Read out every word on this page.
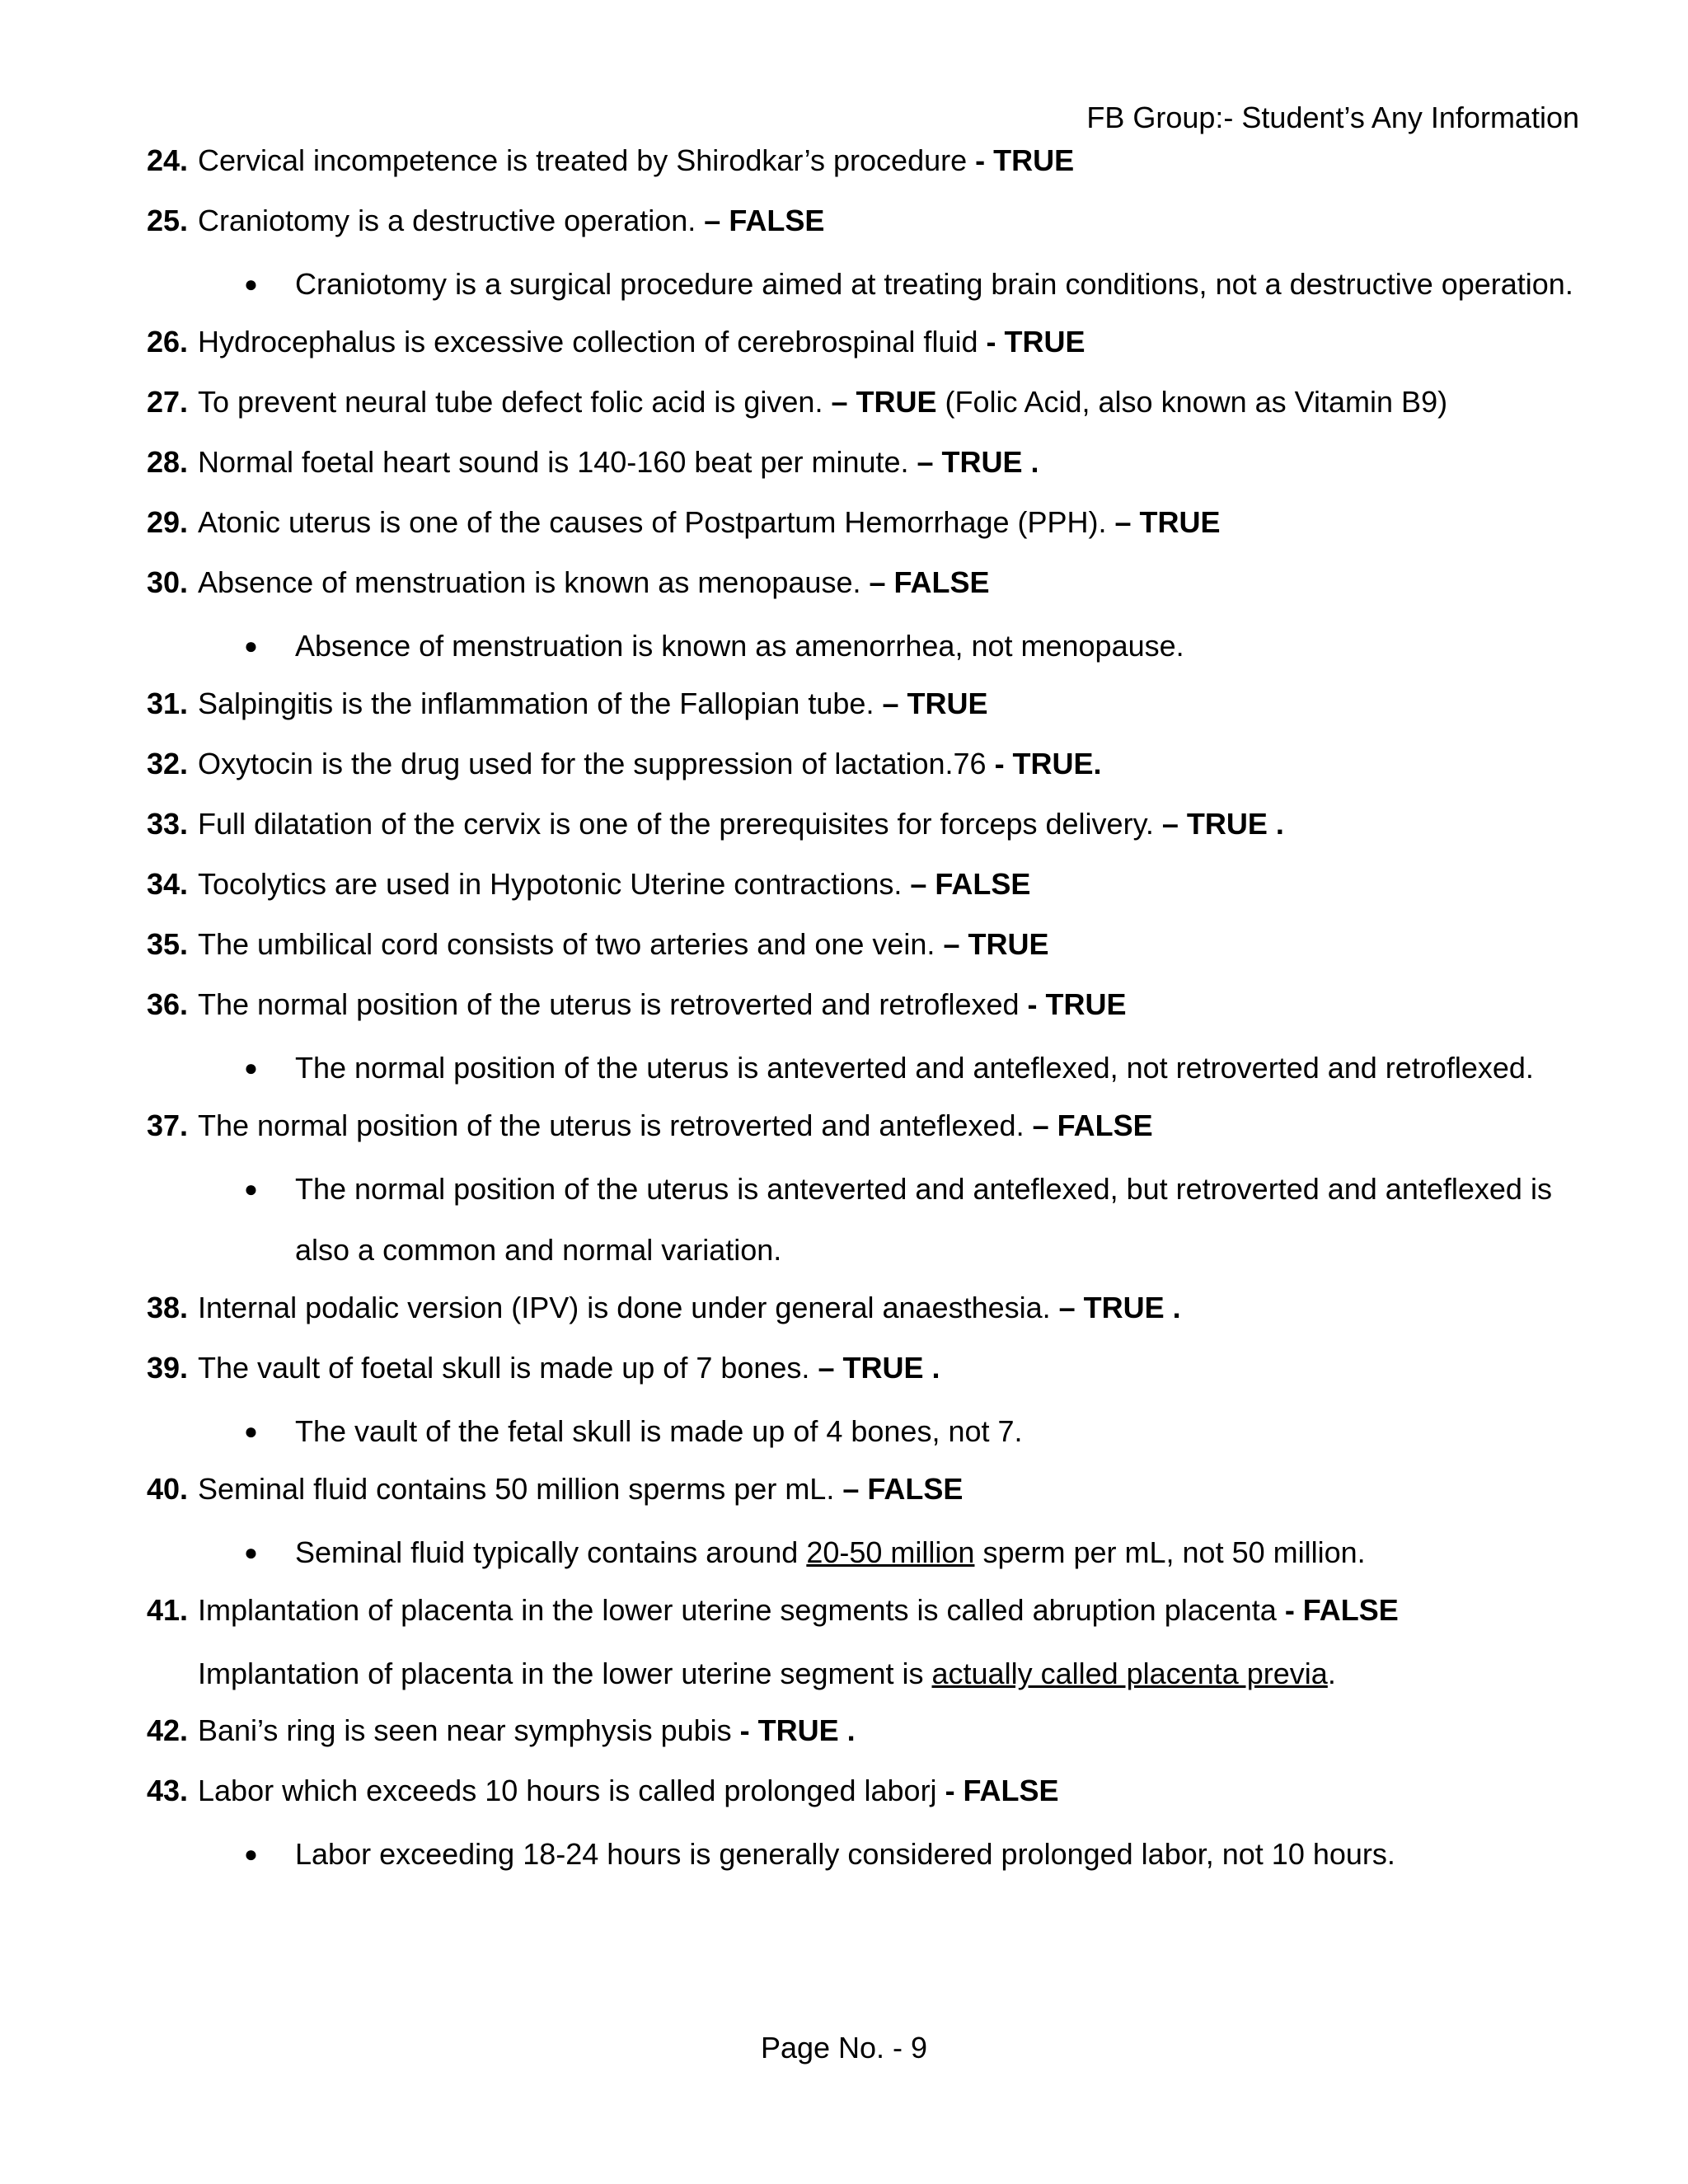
FB Group:- Student’s Any Information
24. Cervical incompetence is treated by Shirodkar’s procedure - TRUE
25. Craniotomy is a destructive operation. – FALSE
● Craniotomy is a surgical procedure aimed at treating brain conditions, not a destructive operation.
26. Hydrocephalus is excessive collection of cerebrospinal fluid - TRUE
27. To prevent neural tube defect folic acid is given. – TRUE (Folic Acid, also known as Vitamin B9)
28. Normal foetal heart sound is 140-160 beat per minute. – TRUE .
29. Atonic uterus is one of the causes of Postpartum Hemorrhage (PPH). – TRUE
30. Absence of menstruation is known as menopause. – FALSE
● Absence of menstruation is known as amenorrhea, not menopause.
31. Salpingitis is the inflammation of the Fallopian tube. – TRUE
32. Oxytocin is the drug used for the suppression of lactation.76 - TRUE.
33. Full dilatation of the cervix is one of the prerequisites for forceps delivery. – TRUE .
34. Tocolytics are used in Hypotonic Uterine contractions. – FALSE
35. The umbilical cord consists of two arteries and one vein. – TRUE
36. The normal position of the uterus is retroverted and retroflexed - TRUE
● The normal position of the uterus is anteverted and anteflexed, not retroverted and retroflexed.
37. The normal position of the uterus is retroverted and anteflexed. – FALSE
● The normal position of the uterus is anteverted and anteflexed, but retroverted and anteflexed is also a common and normal variation.
38. Internal podalic version (IPV) is done under general anaesthesia. – TRUE .
39. The vault of foetal skull is made up of 7 bones. – TRUE .
● The vault of the fetal skull is made up of 4 bones, not 7.
40. Seminal fluid contains 50 million sperms per mL. – FALSE
● Seminal fluid typically contains around 20-50 million sperm per mL, not 50 million.
41. Implantation of placenta in the lower uterine segments is called abruption placenta - FALSE
Implantation of placenta in the lower uterine segment is actually called placenta previa.
42. Bani’s ring is seen near symphysis pubis - TRUE .
43. Labor which exceeds 10 hours is called prolonged laborj - FALSE
● Labor exceeding 18-24 hours is generally considered prolonged labor, not 10 hours.
Page No. - 9
